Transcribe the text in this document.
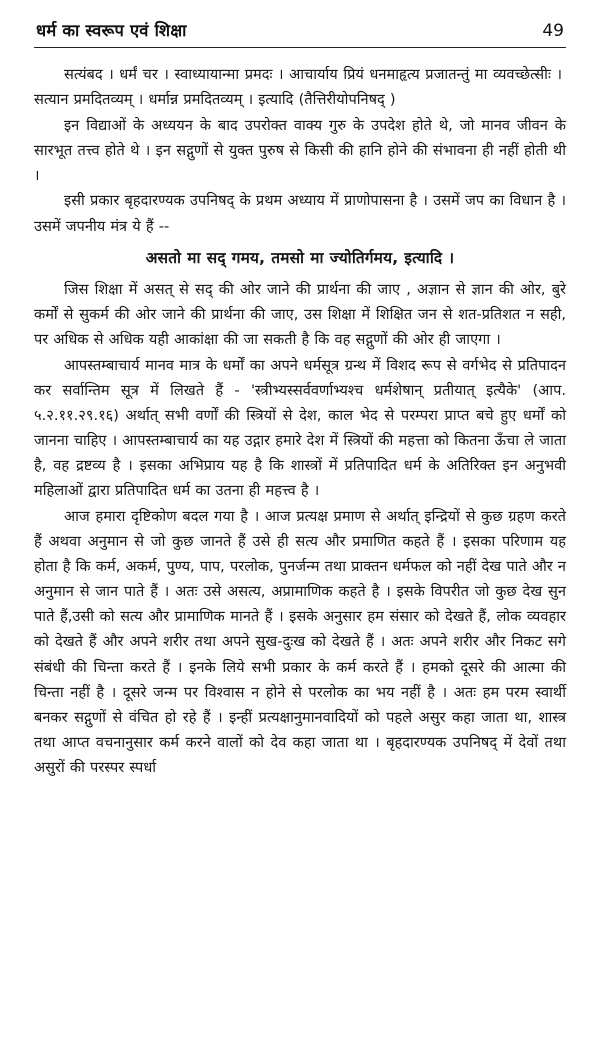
धर्म का स्वरूप एवं शिक्षा	49

सत्यंबद । धर्मं चर । स्वाध्यायान्मा प्रमदः । आचार्याय प्रियं धनमाहृत्य प्रजातन्तुं मा व्यवच्छेत्सीः । सत्यान प्रमदितव्यम् । धर्मान्न प्रमदितव्यम् । इत्यादि (तैत्तिरीयोपनिषद् )

इन विद्याओं के अध्ययन के बाद उपरोक्त वाक्य गुरु के उपदेश होते थे, जो मानव जीवन के सारभूत तत्त्व होते थे । इन सद्गुणों से युक्त पुरुष से किसी की हानि होने की संभावना ही नहीं होती थी ।

इसी प्रकार बृहदारण्यक उपनिषद् के प्रथम अध्याय में प्राणोपासना है । उसमें जप का विधान है । उसमें जपनीय मंत्र ये हैं --

असतो मा सद् गमय, तमसो मा ज्योतिर्गमय, इत्यादि ।

जिस शिक्षा में असत् से सद् की ओर जाने की प्रार्थना की जाए , अज्ञान से ज्ञान की ओर, बुरे कर्मों से सुकर्म की ओर जाने की प्रार्थना की जाए, उस शिक्षा में शिक्षित जन से शत-प्रतिशत न सही, पर अधिक से अधिक यही आकांक्षा की जा सकती है कि वह सद्गुणों की ओर ही जाएगा ।

आपस्तम्बाचार्य मानव मात्र के धर्मों का अपने धर्मसूत्र ग्रन्थ में विशद रूप से वर्गभेद से प्रतिपादन कर सर्वान्तिम सूत्र में लिखते हैं - 'स्त्रीभ्यस्सर्ववर्णाभ्यश्च धर्मशेषान् प्रतीयात् इत्यैके' (आप. ५.२.११.२९.१६) अर्थात् सभी वर्णों की स्त्रियों से देश, काल भेद से परम्परा प्राप्त बचे हुए धर्मों को जानना चाहिए । आपस्तम्बाचार्य का यह उद्गार हमारे देश में स्त्रियों की महत्ता को कितना ऊँचा ले जाता है, वह द्रष्टव्य है । इसका अभिप्राय यह है कि शास्त्रों में प्रतिपादित धर्म के अतिरिक्त इन अनुभवी महिलाओं द्वारा प्रतिपादित धर्म का उतना ही महत्त्व है ।

आज हमारा दृष्टिकोण बदल गया है । आज प्रत्यक्ष प्रमाण से अर्थात् इन्द्रियों से कुछ ग्रहण करते हैं अथवा अनुमान से जो कुछ जानते हैं उसे ही सत्य और प्रमाणित कहते हैं । इसका परिणाम यह होता है कि कर्म, अकर्म, पुण्य, पाप, परलोक, पुनर्जन्म तथा प्राक्तन धर्मफल को नहीं देख पाते और न अनुमान से जान पाते हैं । अतः उसे असत्य, अप्रामाणिक कहते है । इसके विपरीत जो कुछ देख सुन पाते हैं,उसी को सत्य और प्रामाणिक मानते हैं । इसके अनुसार हम संसार को देखते हैं, लोक व्यवहार को देखते हैं और अपने शरीर तथा अपने सुख-दुःख को देखते हैं । अतः अपने शरीर और निकट सगे संबंधी की चिन्ता करते हैं । इनके लिये सभी प्रकार के कर्म करते हैं । हमको दूसरे की आत्मा की चिन्ता नहीं है । दूसरे जन्म पर विश्वास न होने से परलोक का भय नहीं है । अतः हम परम स्वार्थी बनकर सद्गुणों से वंचित हो रहे हैं । इन्हीं प्रत्यक्षानुमानवादियों को पहले असुर कहा जाता था, शास्त्र तथा आप्त वचनानुसार कर्म करने वालों को देव कहा जाता था । बृहदारण्यक उपनिषद् में देवों तथा असुरों की परस्पर स्पर्धा
